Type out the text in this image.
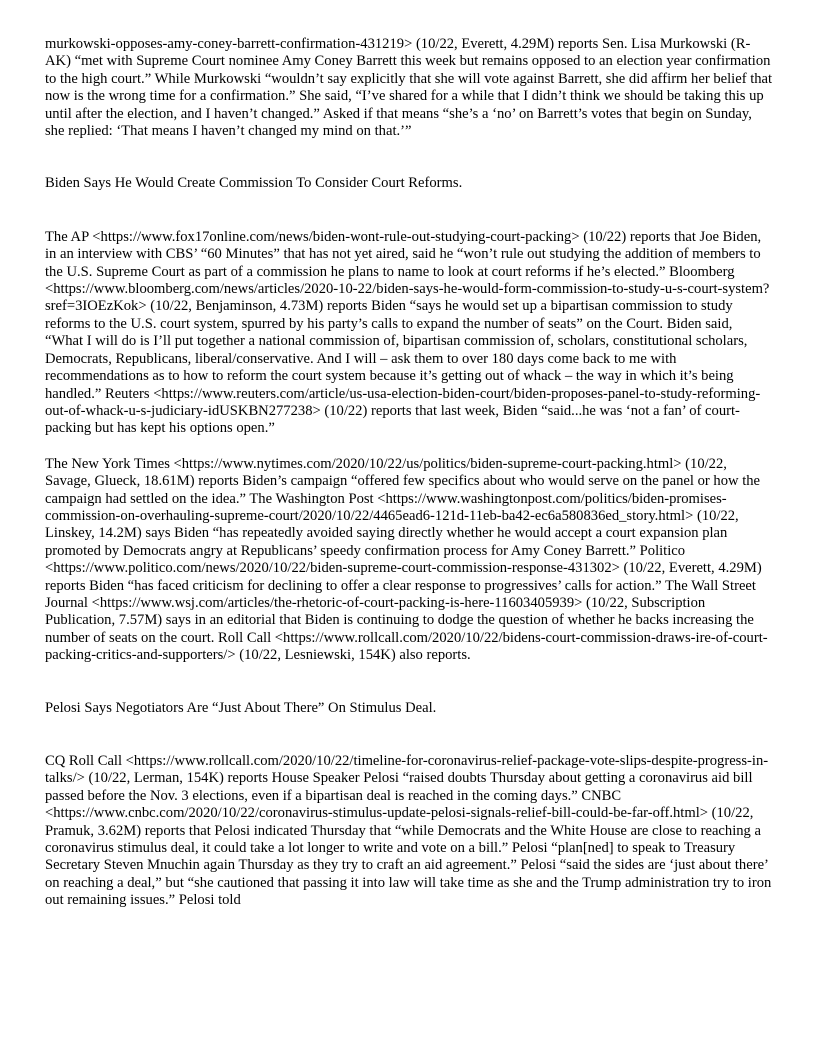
murkowski-opposes-amy-coney-barrett-confirmation-431219> (10/22, Everett, 4.29M) reports Sen. Lisa Murkowski (R-AK) “met with Supreme Court nominee Amy Coney Barrett this week but remains opposed to an election year confirmation to the high court.” While Murkowski “wouldn’t say explicitly that she will vote against Barrett, she did affirm her belief that now is the wrong time for a confirmation.” She said, “I’ve shared for a while that I didn’t think we should be taking this up until after the election, and I haven’t changed.” Asked if that means “she’s a ‘no’ on Barrett’s votes that begin on Sunday, she replied: ‘That means I haven’t changed my mind on that.’”

Biden Says He Would Create Commission To Consider Court Reforms.

The AP <https://www.fox17online.com/news/biden-wont-rule-out-studying-court-packing> (10/22) reports that Joe Biden, in an interview with CBS’ “60 Minutes” that has not yet aired, said he “won’t rule out studying the addition of members to the U.S. Supreme Court as part of a commission he plans to name to look at court reforms if he’s elected.” Bloomberg <https://www.bloomberg.com/news/articles/2020-10-22/biden-says-he-would-form-commission-to-study-u-s-court-system?sref=3IOEzKok> (10/22, Benjaminson, 4.73M) reports Biden “says he would set up a bipartisan commission to study reforms to the U.S. court system, spurred by his party’s calls to expand the number of seats” on the Court. Biden said, “What I will do is I’ll put together a national commission of, bipartisan commission of, scholars, constitutional scholars, Democrats, Republicans, liberal/conservative. And I will – ask them to over 180 days come back to me with recommendations as to how to reform the court system because it’s getting out of whack – the way in which it’s being handled.” Reuters <https://www.reuters.com/article/us-usa-election-biden-court/biden-proposes-panel-to-study-reforming-out-of-whack-u-s-judiciary-idUSKBN277238> (10/22) reports that last week, Biden “said...he was ‘not a fan’ of court-packing but has kept his options open.”

The New York Times <https://www.nytimes.com/2020/10/22/us/politics/biden-supreme-court-packing.html> (10/22, Savage, Glueck, 18.61M) reports Biden’s campaign “offered few specifics about who would serve on the panel or how the campaign had settled on the idea.” The Washington Post <https://www.washingtonpost.com/politics/biden-promises-commission-on-overhauling-supreme-court/2020/10/22/4465ead6-121d-11eb-ba42-ec6a580836ed_story.html> (10/22, Linskey, 14.2M) says Biden “has repeatedly avoided saying directly whether he would accept a court expansion plan promoted by Democrats angry at Republicans’ speedy confirmation process for Amy Coney Barrett.” Politico <https://www.politico.com/news/2020/10/22/biden-supreme-court-commission-response-431302> (10/22, Everett, 4.29M) reports Biden “has faced criticism for declining to offer a clear response to progressives’ calls for action.” The Wall Street Journal <https://www.wsj.com/articles/the-rhetoric-of-court-packing-is-here-11603405939> (10/22, Subscription Publication, 7.57M) says in an editorial that Biden is continuing to dodge the question of whether he backs increasing the number of seats on the court. Roll Call <https://www.rollcall.com/2020/10/22/bidens-court-commission-draws-ire-of-court-packing-critics-and-supporters/> (10/22, Lesniewski, 154K) also reports.

Pelosi Says Negotiators Are “Just About There” On Stimulus Deal.

CQ Roll Call <https://www.rollcall.com/2020/10/22/timeline-for-coronavirus-relief-package-vote-slips-despite-progress-in-talks/> (10/22, Lerman, 154K) reports House Speaker Pelosi “raised doubts Thursday about getting a coronavirus aid bill passed before the Nov. 3 elections, even if a bipartisan deal is reached in the coming days.” CNBC <https://www.cnbc.com/2020/10/22/coronavirus-stimulus-update-pelosi-signals-relief-bill-could-be-far-off.html> (10/22, Pramuk, 3.62M) reports that Pelosi indicated Thursday that “while Democrats and the White House are close to reaching a coronavirus stimulus deal, it could take a lot longer to write and vote on a bill.” Pelosi “plan[ned] to speak to Treasury Secretary Steven Mnuchin again Thursday as they try to craft an aid agreement.” Pelosi “said the sides are ‘just about there’ on reaching a deal,” but “she cautioned that passing it into law will take time as she and the Trump administration try to iron out remaining issues.” Pelosi told
